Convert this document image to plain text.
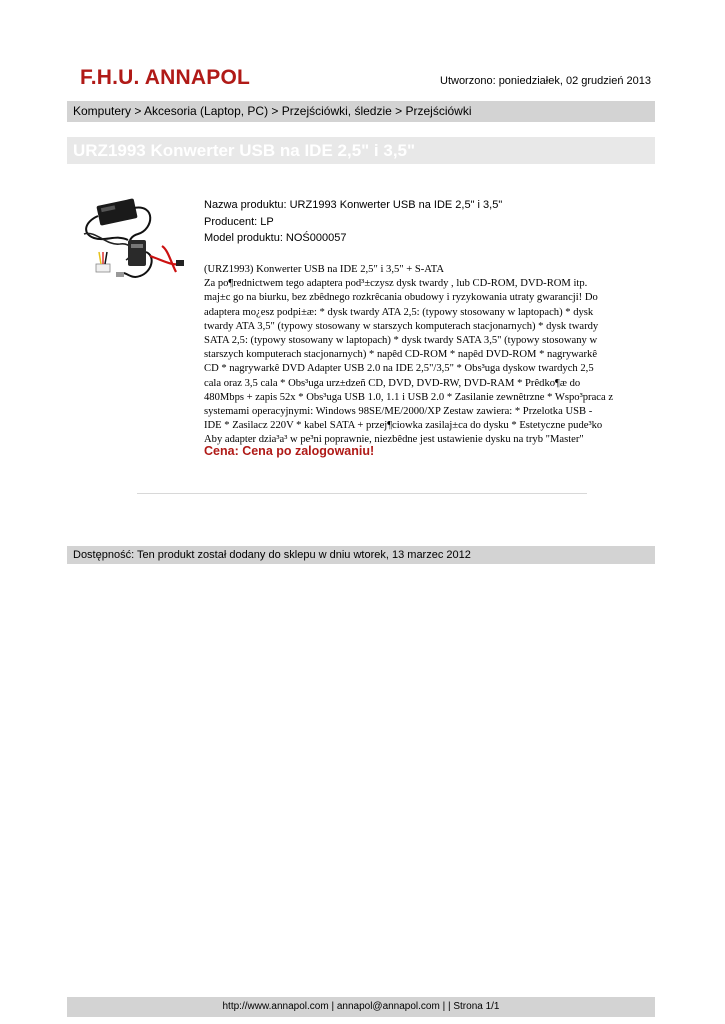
F.H.U. ANNAPOL	Utworzono: poniedziałek, 02 grudzień 2013
Komputery > Akcesoria (Laptop, PC) > Przejściówki, śledzie > Przejściówki
URZ1993 Konwerter USB na IDE 2,5" i 3,5"
Nazwa produktu: URZ1993 Konwerter USB na IDE 2,5" i 3,5"
Producent: LP
Model produktu: NOŚ000057
(URZ1993) Konwerter USB na IDE 2,5" i 3,5" + S-ATA
Za po¶rednictwem tego adaptera pod³±czysz dysk twardy , lub CD-ROM, DVD-ROM itp.
maj±c go na biurku, bez zbêdnego rozkrêcania obudowy i ryzykowania utraty gwarancji! Do
adaptera mo¿esz podpi±æ: * dysk twardy ATA 2,5: (typowy stosowany w laptopach) * dysk
twardy ATA 3,5" (typowy stosowany w starszych komputerach stacjonarnych) * dysk twardy
SATA 2,5: (typowy stosowany w laptopach) * dysk twardy SATA 3,5" (typowy stosowany w
starszych komputerach stacjonarnych) * napêd CD-ROM * napêd DVD-ROM * nagrywarkê
CD * nagrywarkê DVD Adapter USB 2.0 na IDE 2,5"/3,5" * Obs³uga dyskow twardych 2,5
cala oraz 3,5 cala * Obs³uga urz±dzeñ CD, DVD, DVD-RW, DVD-RAM * Prêdko¶æ do
480Mbps + zapis 52x * Obs³uga USB 1.0, 1.1 i USB 2.0 * Zasilanie zewnêtrzne * Wspo³praca z
systemami operacyjnymi: Windows 98SE/ME/2000/XP Zestaw zawiera: * Przelotka USB -
IDE * Zasilacz 220V * kabel SATA + przej¶ciowka zasilaj±ca do dysku * Estetyczne pude³ko
Aby adapter dzia³a³ w pe³ni poprawnie, niezbêdne jest ustawienie dysku na tryb "Master"
Cena: Cena po zalogowaniu!
Dostępność: Ten produkt został dodany do sklepu w dniu wtorek, 13 marzec 2012
http://www.annapol.com | annapol@annapol.com | | Strona 1/1
